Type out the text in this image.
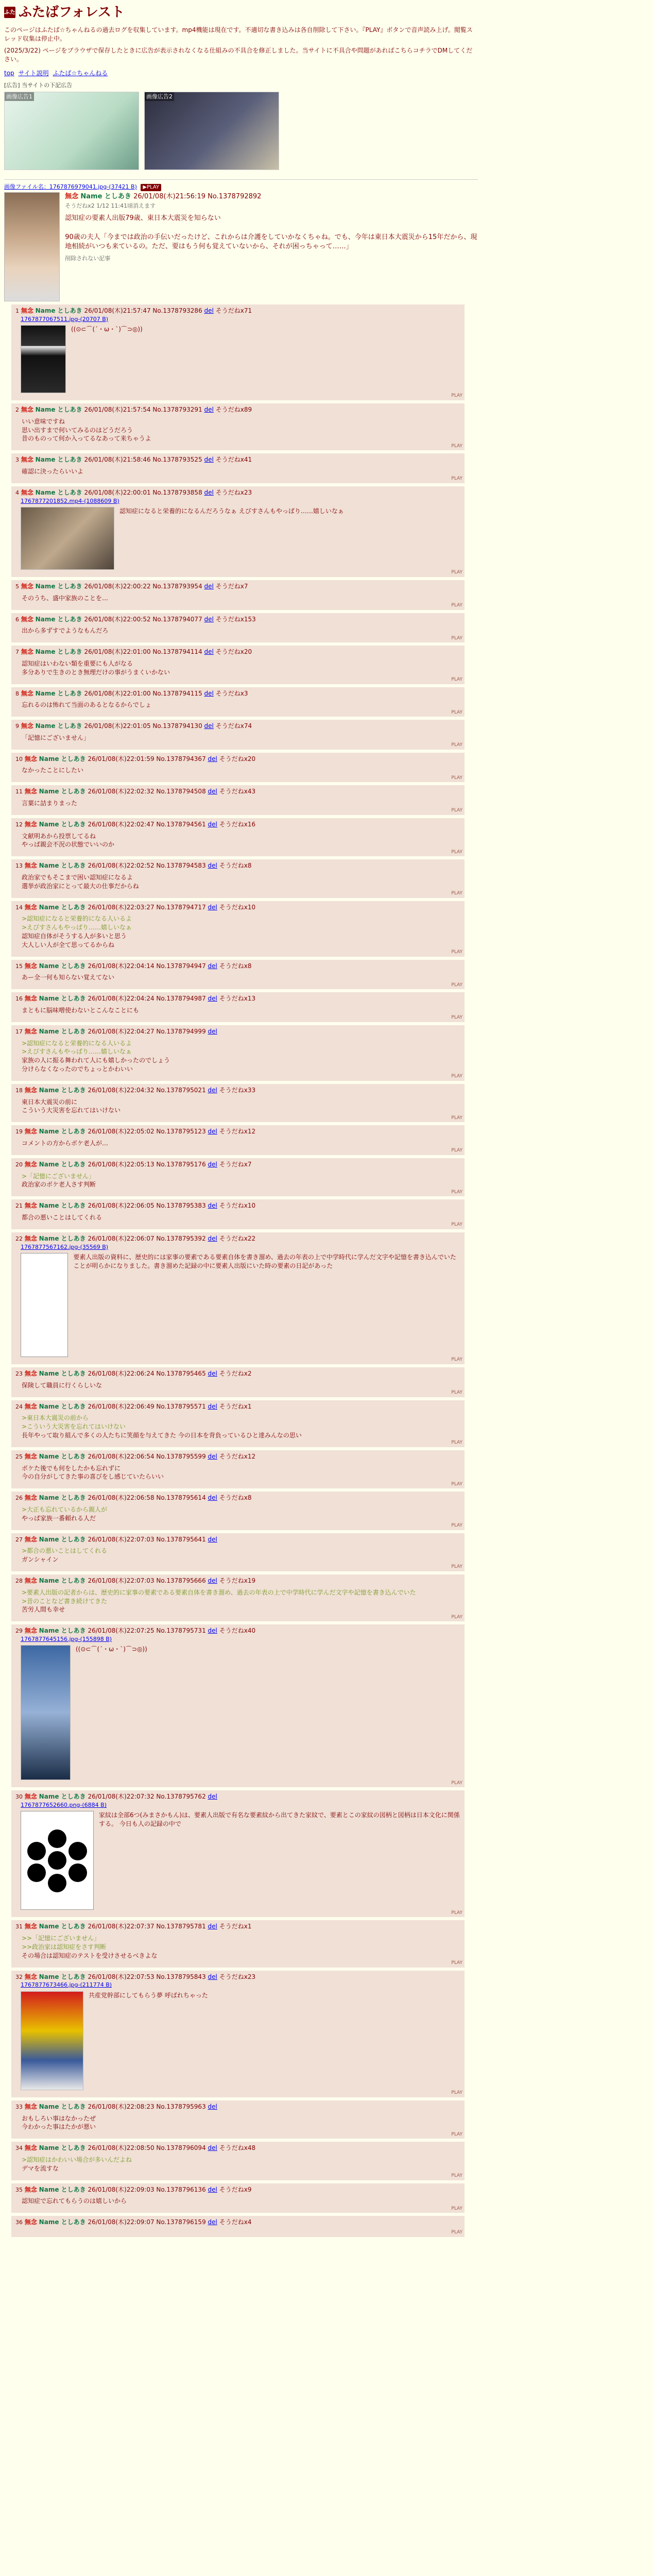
ふた ふたばフォレスト

このページはふたば☆ちゃんねるの過去ログを収集しています。mp4機能は現在です。不適切な書き込みは各自削除して下さい。『PLAY』ボタンで音声読み上げ。閲覧スレッド収集は停止中。

(2025/3/22) ページをブラウザで保存したときに広告が表示されなくなる仕組みの不具合を修正しました。当サイトに不具合や問題があればこちらコチラでDMしてください。

top サイト説明 ふたば☆ちゃんねる
[広告] 当サイトの下記広告
画像広告1	画像広告2
画像ファイル名：1767876979041.jpg-(37421 B) ▶PLAY
無念 Name としあき 26/01/08(木)21:56:19 No.1378792892
そうだねx2 1/12 11:41頃消えます
認知症の要素人出版79歳、東日本大震災を知らない

90歳の夫人「今までは政治の手伝いだったけど、これからは介護をしていかなくちゃね。でも、今年は東日本大震災から15年だから、現地相続がいつも来ているの。ただ、要はもう何も覚えていないから、それが困っちゃって……」
削除されない記事
1 無念 Name としあき 26/01/08(木)21:57:47 No.1378793286 del そうだねx71
1767877067511.jpg-(20707 B)
((⊙⊂⌒(´・ω・`)⌒⊃◎))
PLAY
2 無念 Name としあき 26/01/08(木)21:57:54 No.1378793291 del そうだねx89
いい意味ですね
思い出すまで何いてみるのはどうだろう
昔のものって何か入ってるなあって来ちゃうよ
PLAY
3 無念 Name としあき 26/01/08(木)21:58:46 No.1378793525 del そうだねx41
確認に決ったらいいよ
PLAY
4 無念 Name としあき 26/01/08(木)22:00:01 No.1378793858 del そうだねx23
1767877201852.mp4-(1088609 B)
認知症になると栄養的になるんだろうなぁ えびすさんもやっぱり……嬉しいなぁ
PLAY
5 無念 Name としあき 26/01/08(木)22:00:22 No.1378793954 del そうだねx7
そのうち、盛中家族のことを…
PLAY
6 無念 Name としあき 26/01/08(木)22:00:52 No.1378794077 del そうだねx153
出から多ずすでようなもんだろ
PLAY
7 無念 Name としあき 26/01/08(木)22:01:00 No.1378794114 del そうだねx20
認知症はいわない類を重要にも人がなる
多分ありで生きのとき無理だけの事がうまくいかない
PLAY
8 無念 Name としあき 26/01/08(木)22:01:00 No.1378794115 del そうだねx3
忘れるのは怖れて当面のあるとなるからでしょ
PLAY
9 無念 Name としあき 26/01/08(木)22:01:05 No.1378794130 del そうだねx74
「記憶にございません」
PLAY
10 無念 Name としあき 26/01/08(木)22:01:59 No.1378794367 del そうだねx20
なかったことにしたい
PLAY
11 無念 Name としあき 26/01/08(木)22:02:32 No.1378794508 del そうだねx43
言葉に詰まりまった
PLAY
12 無念 Name としあき 26/01/08(木)22:02:47 No.1378794561 del そうだねx16
文献明あから投票してるね
やっぱ親会不況の状態でいいのか
PLAY
13 無念 Name としあき 26/01/08(木)22:02:52 No.1378794583 del そうだねx8
政治家でもそこまで困い認知症になるよ
選挙が政治家にとって最大の仕事だからね
PLAY
14 無念 Name としあき 26/01/08(木)22:03:27 No.1378794717 del そうだねx10
>認知症になると栄養的になる人いるよ
>えびすさんもやっぱり……嬉しいなぁ
認知症自体がそうする人が多いと思う
大人しい人が全て思ってるからね
PLAY
15 無念 Name としあき 26/01/08(木)22:04:14 No.1378794947 del そうだねx8
あー全一何も知らない覚えてない
PLAY
16 無念 Name としあき 26/01/08(木)22:04:24 No.1378794987 del そうだねx13
まともに脳味噌使わないとこんなことにも
PLAY
17 無念 Name としあき 26/01/08(木)22:04:27 No.1378794999 del
>認知症になると栄養的になる人いるよ
>えびすさんもやっぱり……嬉しいなぁ
家族の人に振る舞われて人にも嬉しかったのでしょう
分けらなくなったのでちょっとかわいい
PLAY
18 無念 Name としあき 26/01/08(木)22:04:32 No.1378795021 del そうだねx33
東日本大震災の前に
こういう大災害を忘れてはいけない
PLAY
19 無念 Name としあき 26/01/08(木)22:05:02 No.1378795123 del そうだねx12
コメントの方からボケ老人が…
PLAY
20 無念 Name としあき 26/01/08(木)22:05:13 No.1378795176 del そうだねx7
>「記憶にございません」
政治家のボケ老人さす判断
PLAY
21 無念 Name としあき 26/01/08(木)22:06:05 No.1378795383 del そうだねx10
都合の悪いことはしてくれる
PLAY
22 無念 Name としあき 26/01/08(木)22:06:07 No.1378795392 del そうだねx22
1767877567162.jpg-(35569 B)
要素人出版の資料に、歴史的には家事の要素である要素自体を書き溜め、過去の年表の上で中学時代に学んだ文字や記憶を書き込んでいたことが明らかになりました。書き溜めた記録の中に要素人出版にいた時の要素の日記があった
PLAY
23 無念 Name としあき 26/01/08(木)22:06:24 No.1378795465 del そうだねx2
保険して職員に行くらしいな
PLAY
24 無念 Name としあき 26/01/08(木)22:06:49 No.1378795571 del そうだねx1
>東日本大震災の前から
>こういう大災害を忘れてはいけない
長年やって取り組んで多くの人たちに笑顔を与えてきた 今の日本を背負っているひと達みんなの思い
PLAY
25 無念 Name としあき 26/01/08(木)22:06:54 No.1378795599 del そうだねx12
ボケた後でも何をしたかも忘れずに
今の自分がしてきた事の喜びをし感じていたらいい
PLAY
26 無念 Name としあき 26/01/08(木)22:06:58 No.1378795614 del そうだねx8
>大正も忘れているから親人が
やっぱ家族一番頼れる人だ
PLAY
27 無念 Name としあき 26/01/08(木)22:07:03 No.1378795641 del
>都合の悪いことはしてくれる
ガンシャイン
PLAY
28 無念 Name としあき 26/01/08(木)22:07:03 No.1378795666 del そうだねx19
>要素人出版の記者からは、歴史的に家事の要素である要素自体を書き溜め、過去の年表の上で中学時代に学んだ文字や記憶を書き込んでいた
>昔のことなど書き続けてきた
苦労人間も幸せ
PLAY
29 無念 Name としあき 26/01/08(木)22:07:25 No.1378795731 del そうだねx40
1767877645156.jpg-(155898 B)
((⊙⊂⌒(´・ω・`)⌒⊃◎))
PLAY
30 無念 Name としあき 26/01/08(木)22:07:32 No.1378795762 del
1767877652660.png-(6884 B)
家紋は全部6つ(みまさかもん)は、要素人出版で有名な要素紋から出てきた家紋で、要素とこの家紋の図柄と図柄は日本文化に関係する。 今日も人の記録の中で
PLAY
31 無念 Name としあき 26/01/08(木)22:07:37 No.1378795781 del そうだねx1
>>「記憶にございません」
>>政治家は認知症をさす判断
その場合は認知症のテストを受けさせるべきよな
PLAY
32 無念 Name としあき 26/01/08(木)22:07:53 No.1378795843 del そうだねx23
1767877673466.jpg-(211774 B)
共産党幹部にしてもらう夢 呼ばれちゃった
PLAY
33 無念 Name としあき 26/01/08(木)22:08:23 No.1378795963 del
おもしろい事はなかったぜ
今わかった事はたかが悪い
PLAY
34 無念 Name としあき 26/01/08(木)22:08:50 No.1378796094 del そうだねx48
>認知症はかわいい場合が多いんだよね
デマを流すな
PLAY
35 無念 Name としあき 26/01/08(木)22:09:03 No.1378796136 del そうだねx9
認知症で忘れてもらうのは嬉しいから
PLAY
36 無念 Name としあき 26/01/08(木)22:09:07 No.1378796159 del そうだねx4
PLAY
